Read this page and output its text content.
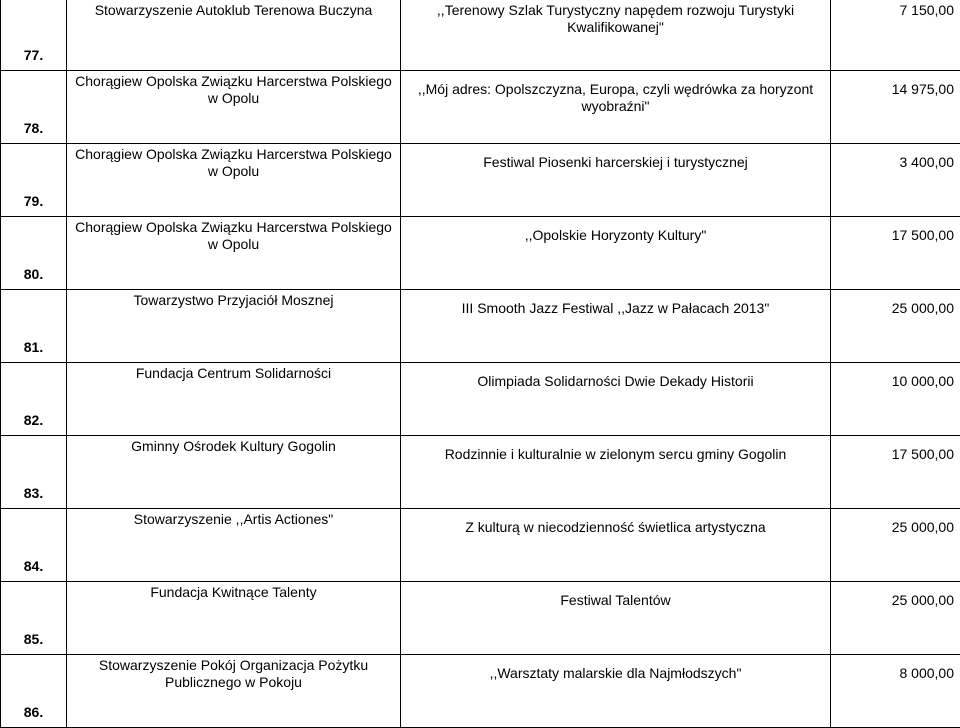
77.	Stowarzyszenie Autoklub Terenowa Buczyna	,,Terenowy Szlak Turystyczny napędem rozwoju Turystyki Kwalifikowanej"	7 150,00
78.	Chorągiew Opolska Związku Harcerstwa Polskiego w Opolu	,,Mój adres: Opolszczyzna, Europa, czyli wędrówka za horyzont wyobraźni"	14 975,00
79.	Chorągiew Opolska Związku Harcerstwa Polskiego w Opolu	Festiwal Piosenki harcerskiej i turystycznej	3 400,00
80.	Chorągiew Opolska Związku Harcerstwa Polskiego w Opolu	,,Opolskie Horyzonty Kultury"	17 500,00
81.	Towarzystwo Przyjaciół Mosznej	III Smooth Jazz Festiwal ,,Jazz w Pałacach 2013"	25 000,00
82.	Fundacja Centrum Solidarności	Olimpiada Solidarności Dwie Dekady Historii	10 000,00
83.	Gminny Ośrodek Kultury Gogolin	Rodzinnie i kulturalnie w zielonym sercu gminy Gogolin	17 500,00
84.	Stowarzyszenie ,,Artis Actiones"	Z kulturą w niecodzienność świetlica artystyczna	25 000,00
85.	Fundacja Kwitnące Talenty	Festiwal Talentów	25 000,00
86.	Stowarzyszenie Pokój Organizacja Pożytku Publicznego w Pokoju	,,Warsztaty malarskie dla Najmłodszych"	8 000,00
